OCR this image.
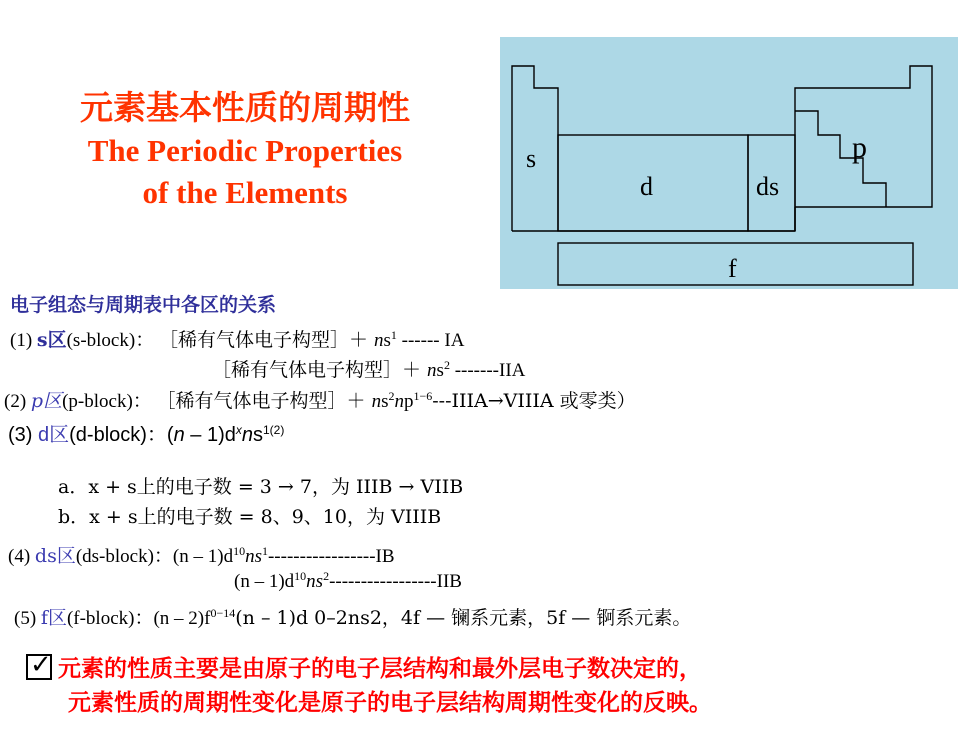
元素基本性质的周期性
The Periodic Properties
of the Elements
s
d	ds
p
f
电子组态与周期表中各区的关系
(1) s区(s-block)： ［稀有气体电子构型］＋ $ns^1$ ------ IA
［稀有气体电子构型］＋ $ns^2$ -------IIA
(2) p区(p-block)： ［稀有气体电子构型］＋ $ns^2np^{1-6}---IIIA\to VIIIA$ 或零类）
(3) d区(d-block)：$(n - 1)d^xns^{1(2)}$
a．x + s上的电子数 = 3 → 7，为 IIIB → VIIB
b．x + s上的电子数 = 8、9、10，为 VIIIB
(4) ds区(ds-block)：$(n - 1)d^{10}ns^1-----------------IB$
$(n - 1)d^{10}ns^2----------------$-IIB
(5) f区(f-block)：$(n - 2)f^{0-14}(n - 1)d$ 0–2ns2，4f — 镧系元素，5f — 锕系元素。
✓ 元素的性质主要是由原子的电子层结构和最外层电子数决定的，
元素性质的周期性变化是原子的电子层结构周期性变化的反映。
